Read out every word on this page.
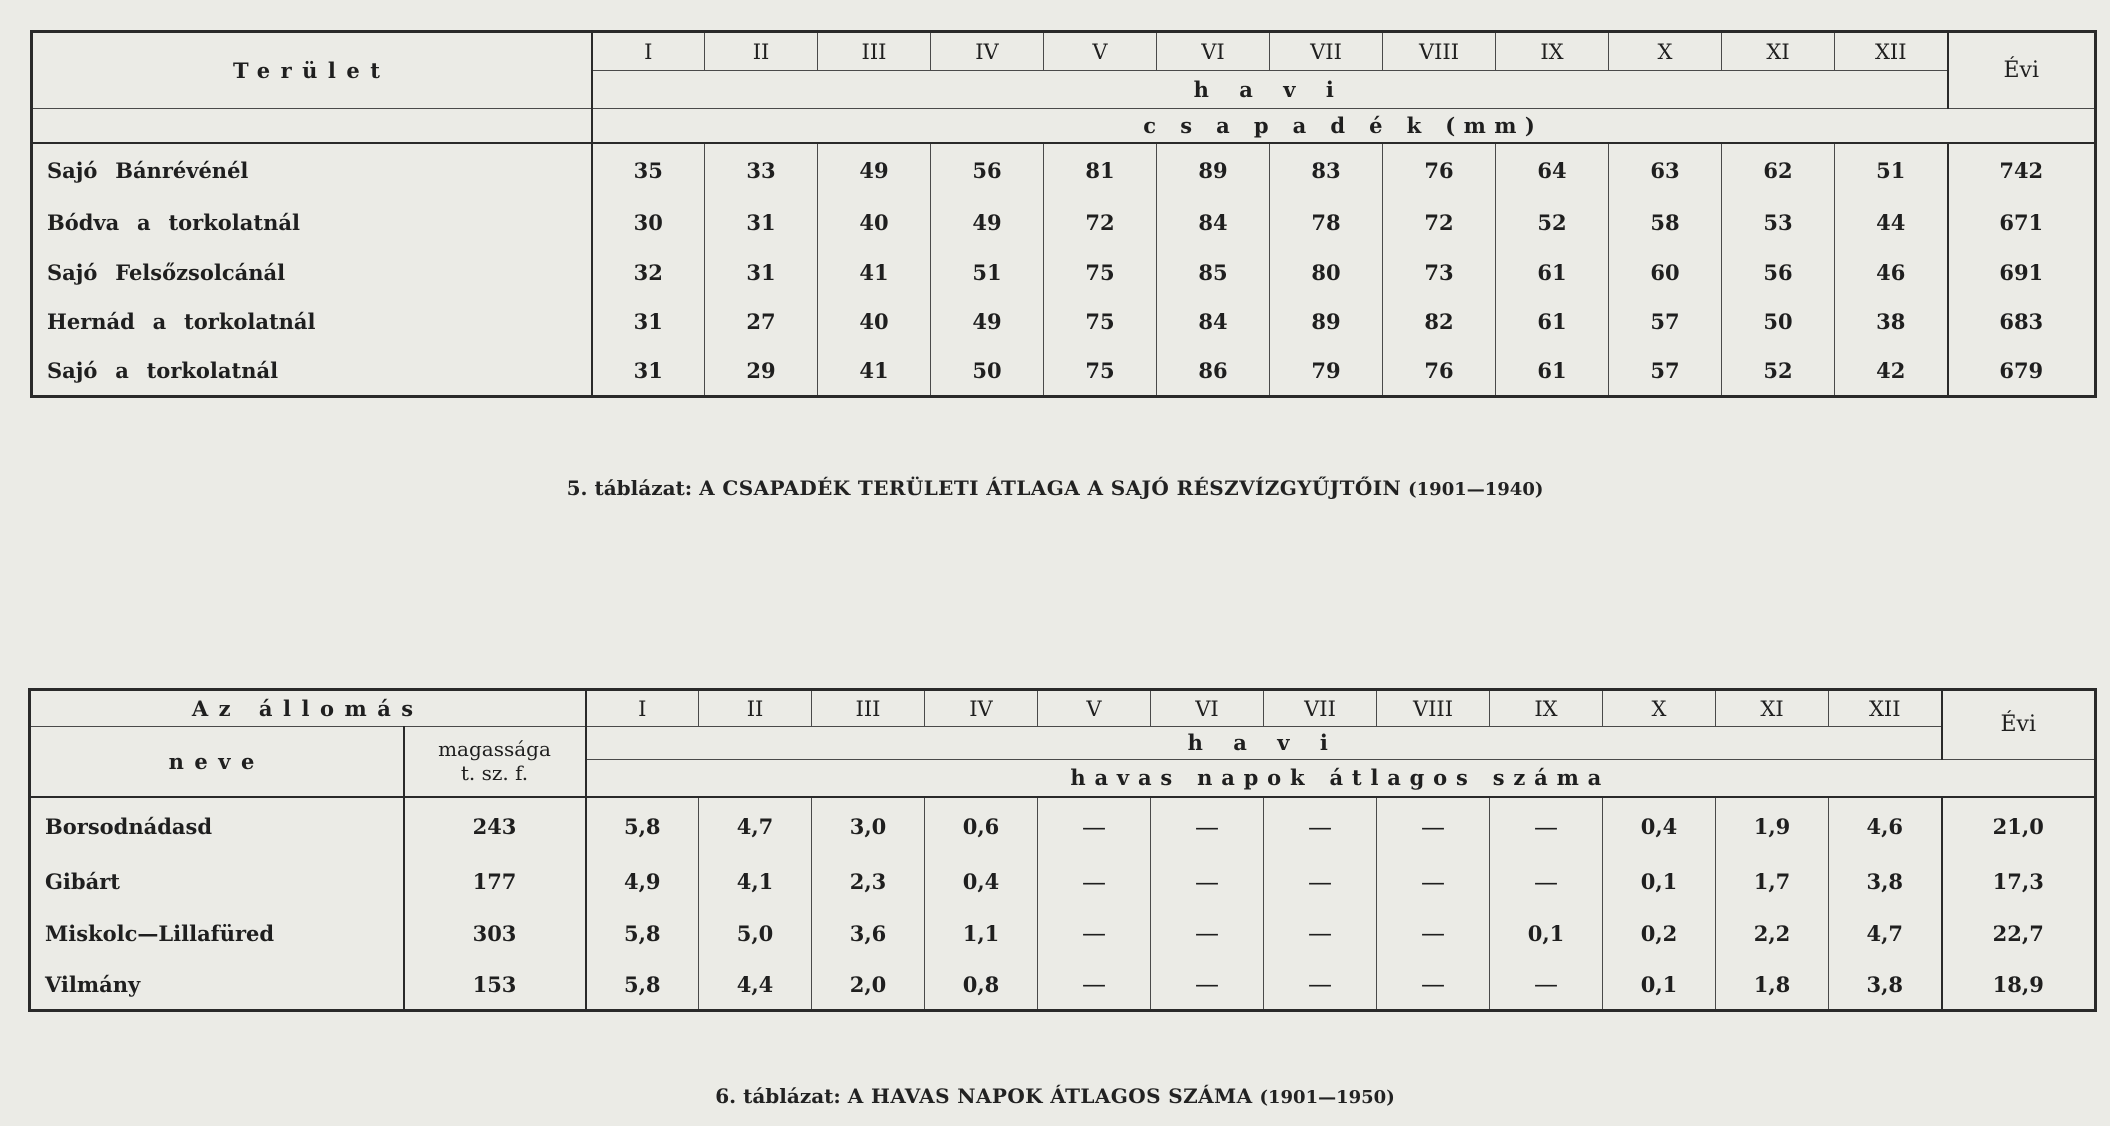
Terület	I	II	III	IV	V	VI	VII	VIII	IX	X	XI	XII	Évi
	h a v i												
	c s a p a d é k (mm)												
Sajó Bánrévénél	35	33	49	56	81	89	83	76	64	63	62	51	742
Bódva a torkolatnál	30	31	40	49	72	84	78	72	52	58	53	44	671
Sajó Felsőzsolcánál	32	31	41	51	75	85	80	73	61	60	56	46	691
Hernád a torkolatnál	31	27	40	49	75	84	89	82	61	57	50	38	683
Sajó a torkolatnál	31	29	41	50	75	86	79	76	61	57	52	42	679
5. táblázat: A CSAPADÉK TERÜLETI ÁTLAGA A SAJÓ RÉSZVÍZGYŰJTŐIN (1901—1940)
Az állomás		I	II	III	IV	V	VI	VII	VIII	IX	X	XI	XII	Évi
neve	magassága
t. sz. f.	h a v i												
		havas napok átlagos száma												
Borsodnádasd	243	5,8	4,7	3,0	0,6	—	—	—	—	—	0,4	1,9	4,6	21,0
Gibárt	177	4,9	4,1	2,3	0,4	—	—	—	—	—	0,1	1,7	3,8	17,3
Miskolc—Lillafüred	303	5,8	5,0	3,6	1,1	—	—	—	—	0,1	0,2	2,2	4,7	22,7
Vilmány	153	5,8	4,4	2,0	0,8	—	—	—	—	—	0,1	1,8	3,8	18,9
6. táblázat: A HAVAS NAPOK ÁTLAGOS SZÁMA (1901—1950)
